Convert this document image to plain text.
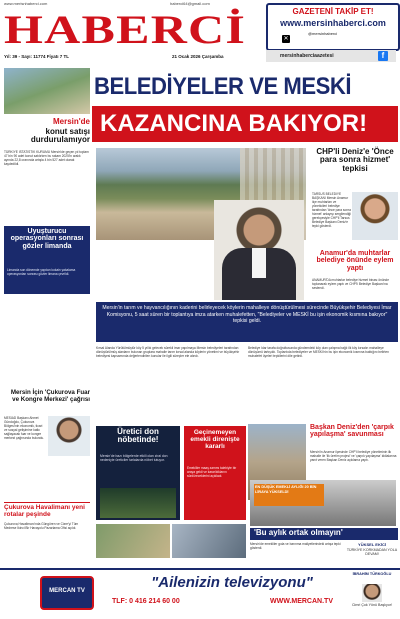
www.merisnhaberci.com	haberci64@gmail.com
HABERCİ
Yıl: 39 - Sayı: 11774 Fiyatı 7 TL	21 Ocak 2026 Çarşamba
GAZETENİ TAKİP ET!
www.mersinhaberci.com
@mersinhaberci
✕
mersinhaberciaazetesi	f
BELEDİYELER VE MESKİ
KAZANCINA BAKIYOR!
Mersin'in tarım ve hayvancılığının kaderini belirleyecek köylerin mahalleye dönüştürülmesi sürecinde Büyükşehir Belediyesi İmar Komisyonu, 5 saat süren bir toplantıya imza atarken muhalefetten, "Belediyeler ve MESKİ bu işin ekonomik kısmına bakıyor" tepkisi geldi.
Kırsal Alanda Yürütülmüştür köy 5 yıllık gelecek sürekli imar yapılmaya Mersin belediyeleri tarafından dönüştürülmüş alanların bulunan gruplara mahalle tarım kırsal alanda köylerin yönetimi ve büyükşehir belediyesi kapsamında değerlendirilen konular ile ilgili süreçler ele alındı.
Belediye İdar tarafa doğrultusunda gündemdeki köy olan çalışma bağlı ilk köy kırsalın mahalleye dönüşümü tartışıldı. Toplantıda belediyeler ve MESKİ'nin bu işin ekonomik kısmına baktığını belirten muhalefet üyeleri tepkilerini dile getirdi.
Mersin'de
konut satışı durdurulamıyor
TÜRKİYE İSTATİSTİK KURUMU Mersin'de geçen yıl toplam 47 bin 90 adet konut satılırken bu rakam 2025'in aralık ayında 22,8 oranında artışla 4 bin 527 adet olarak kaydedildi.
Uyuşturucu operasyonları sonrası gözler limanda
Limanda son dönemde yapılan kokain yakalama operasyonları sonrası gözler limana çevrildi.
Mersin İçin 'Çukurova Fuar ve Kongre Merkezi' çağrısı
MESİAD Başkanı Ahmet Gündoğdu, Çukurova Bölgesi'nin ekonomik, ticari ve sosyal gelişimine katkı sağlayacak fuar ve kongre merkezi çağrısında bulundu.
Çukurova Havalimanı yeni rotalar peşinde
Çukurova Havalimanı'nda Güngören ve Cizre'yi Tüm Medrese İkinci Bir Havayolu Pazarlama Ofisi açıldı.
CHP'li Deniz'e 'Önce para sonra hizmet' tepkisi
TARSUS BELEDİYE BAŞKANI Mersin Anamur ilçe muhtarları ve yöneticileri belediye tarafından 'önce para sonra hizmet' anlayışı sergilendiği gerekçesiyle CHP'li Tarsus Belediye Başkanı Deniz'e tepki gösterdi.
Anamur'da muhtarlar belediye önünde eylem yaptı
ANAMUR'DA muhtarlar belediye hizmet binası önünde toplanarak eylem yaptı ve CHP'li Belediye Başkanı'na seslendi.
Başkan Deniz'den 'çarpık yapılaşma' savunması
Mersin'in Anamur ilçesinde CHP'li belediye yönetiminin ilk mahalle ile 'ilk üretim projesi' ve 'çarpık yapılaşma' iddialarına yanıt veren Başkan Deniz açıklama yaptı.
Üretici don nöbetinde!
Mersin'de bazı bölgelerde etkili olan zirai don nedeniyle üreticiler tarlalarda nöbet tutuyor.
Geçinemeyen emekli direnişte kararlı
Emekliler maaş zammı talebiyle bir araya geldi ve kararlılıklarını sürdüreceklerini açıkladı.
EN DÜŞÜK EMEKLİ AYLIĞI 20 BİN LİRAYA YÜKSELDİ
'Bu aylık ortak olmayın'
Mersin'de emekliler gıda ve barınma maliyetlerindeki artışa tepki gösterdi.
YÜKSEL EKİCİ
TÜRKİYE KORKMADAN YOLA DEVAM!
MERCAN TV	"Ailenizin televizyonu"
TLF: 0 416 214 60 00	WWW.MERCAN.TV
İBRAHİM TÜRKOĞLU
Cimri Çok Yönü Başlıyor!
